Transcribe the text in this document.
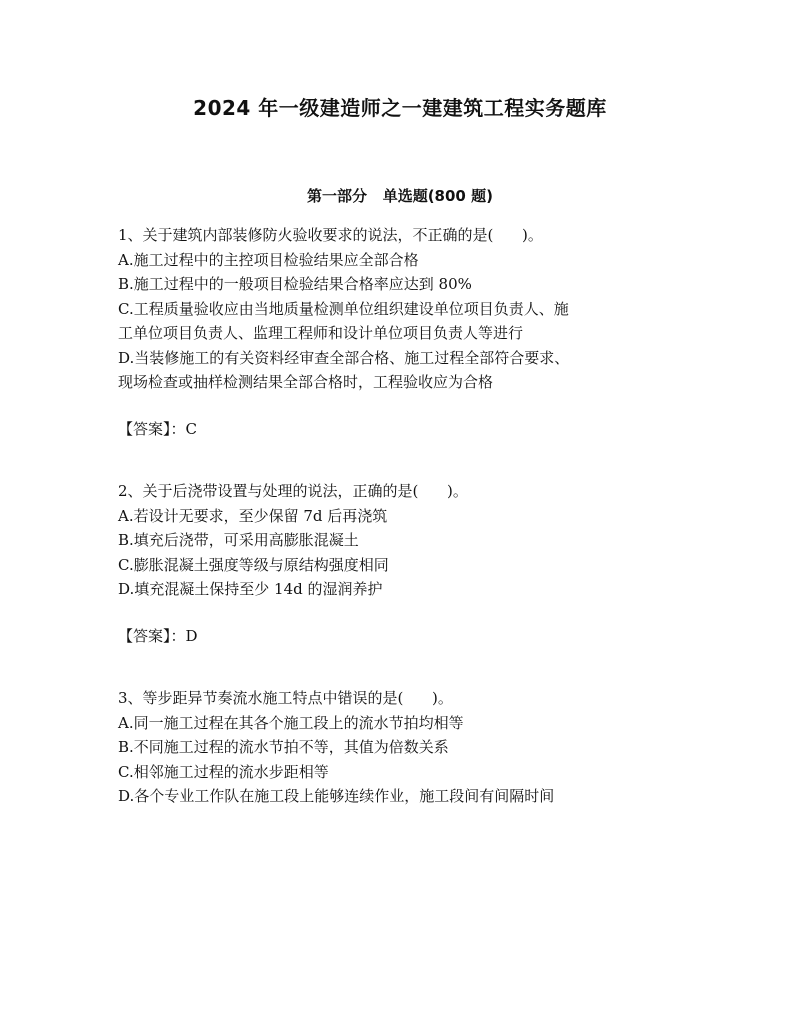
2024 年一级建造师之一建建筑工程实务题库
第一部分   单选题(800 题)
1、关于建筑内部装修防火验收要求的说法，不正确的是(      )。
A.施工过程中的主控项目检验结果应全部合格
B.施工过程中的一般项目检验结果合格率应达到 80%
C.工程质量验收应由当地质量检测单位组织建设单位项目负责人、施
工单位项目负责人、监理工程师和设计单位项目负责人等进行
D.当装修施工的有关资料经审查全部合格、施工过程全部符合要求、
现场检查或抽样检测结果全部合格时，工程验收应为合格
【答案】：C
2、关于后浇带设置与处理的说法，正确的是(      )。
A.若设计无要求，至少保留 7d 后再浇筑
B.填充后浇带，可采用高膨胀混凝土
C.膨胀混凝土强度等级与原结构强度相同
D.填充混凝土保持至少 14d 的湿润养护
【答案】：D
3、等步距异节奏流水施工特点中错误的是(      )。
A.同一施工过程在其各个施工段上的流水节拍均相等
B.不同施工过程的流水节拍不等，其值为倍数关系
C.相邻施工过程的流水步距相等
D.各个专业工作队在施工段上能够连续作业，施工段间有间隔时间
